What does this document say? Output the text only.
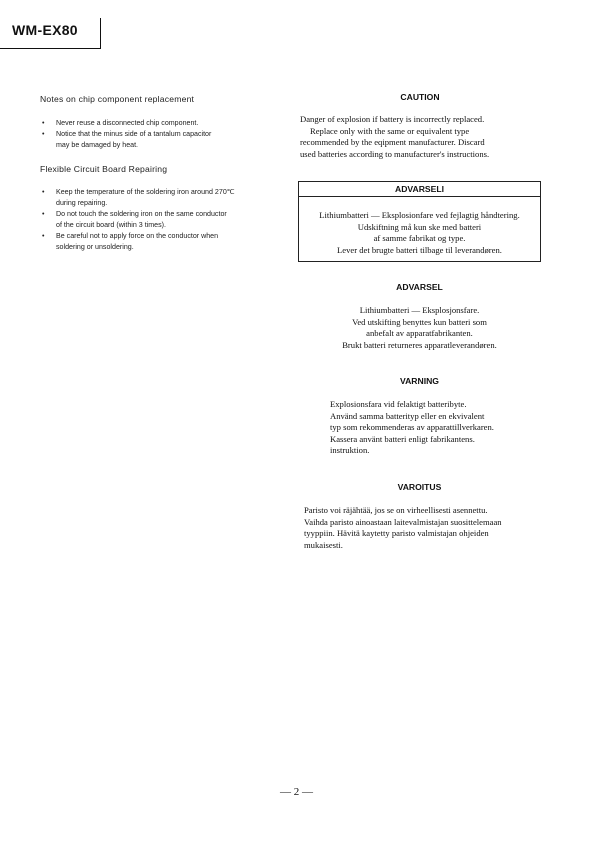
WM-EX80
Notes on chip component replacement
• Never reuse a disconnected chip component.
• Notice that the minus side of a tantalum capacitor
may be damaged by heat.
Flexible Circuit Board Repairing
• Keep the temperature of the soldering iron around 270℃
during repairing.
• Do not touch the soldering iron on the same conductor
of the circuit board (within 3 times).
• Be careful not to apply force on the conductor when
soldering or unsoldering.
CAUTION
Danger of explosion if battery is incorrectly replaced.
Replace only with the same or equivalent type
recommended by the eqipment manufacturer. Discard
used batteries according to manufacturer's instructions.
ADVARSELI
Lithiumbatteri — Eksplosionfare ved fejlagtig håndtering.
Udskiftning må kun ske med batteri
af samme fabrikat og type.
Lever det brugte batteri tilbage til leverandøren.
ADVARSEL
Lithiumbatteri — Eksplosjonsfare.
Ved utskifting benyttes kun batteri som
anbefalt av apparatfabrikanten.
Brukt batteri returneres apparatleverandøren.
VARNING
Explosionsfara vid felaktigt batteribyte.
Använd samma batterityp eller en ekvivalent
typ som rekommenderas av apparattillverkaren.
Kassera använt batteri enligt fabrikantens.
instruktion.
VAROITUS
Paristo voi räjähtää, jos se on virheellisesti asennettu.
Vaihda paristo ainoastaan laitevalmistajan suosittelemaan
tyyppiin. Hävitä kaytetty paristo valmistajan ohjeiden
mukaisesti.
— 2 —
